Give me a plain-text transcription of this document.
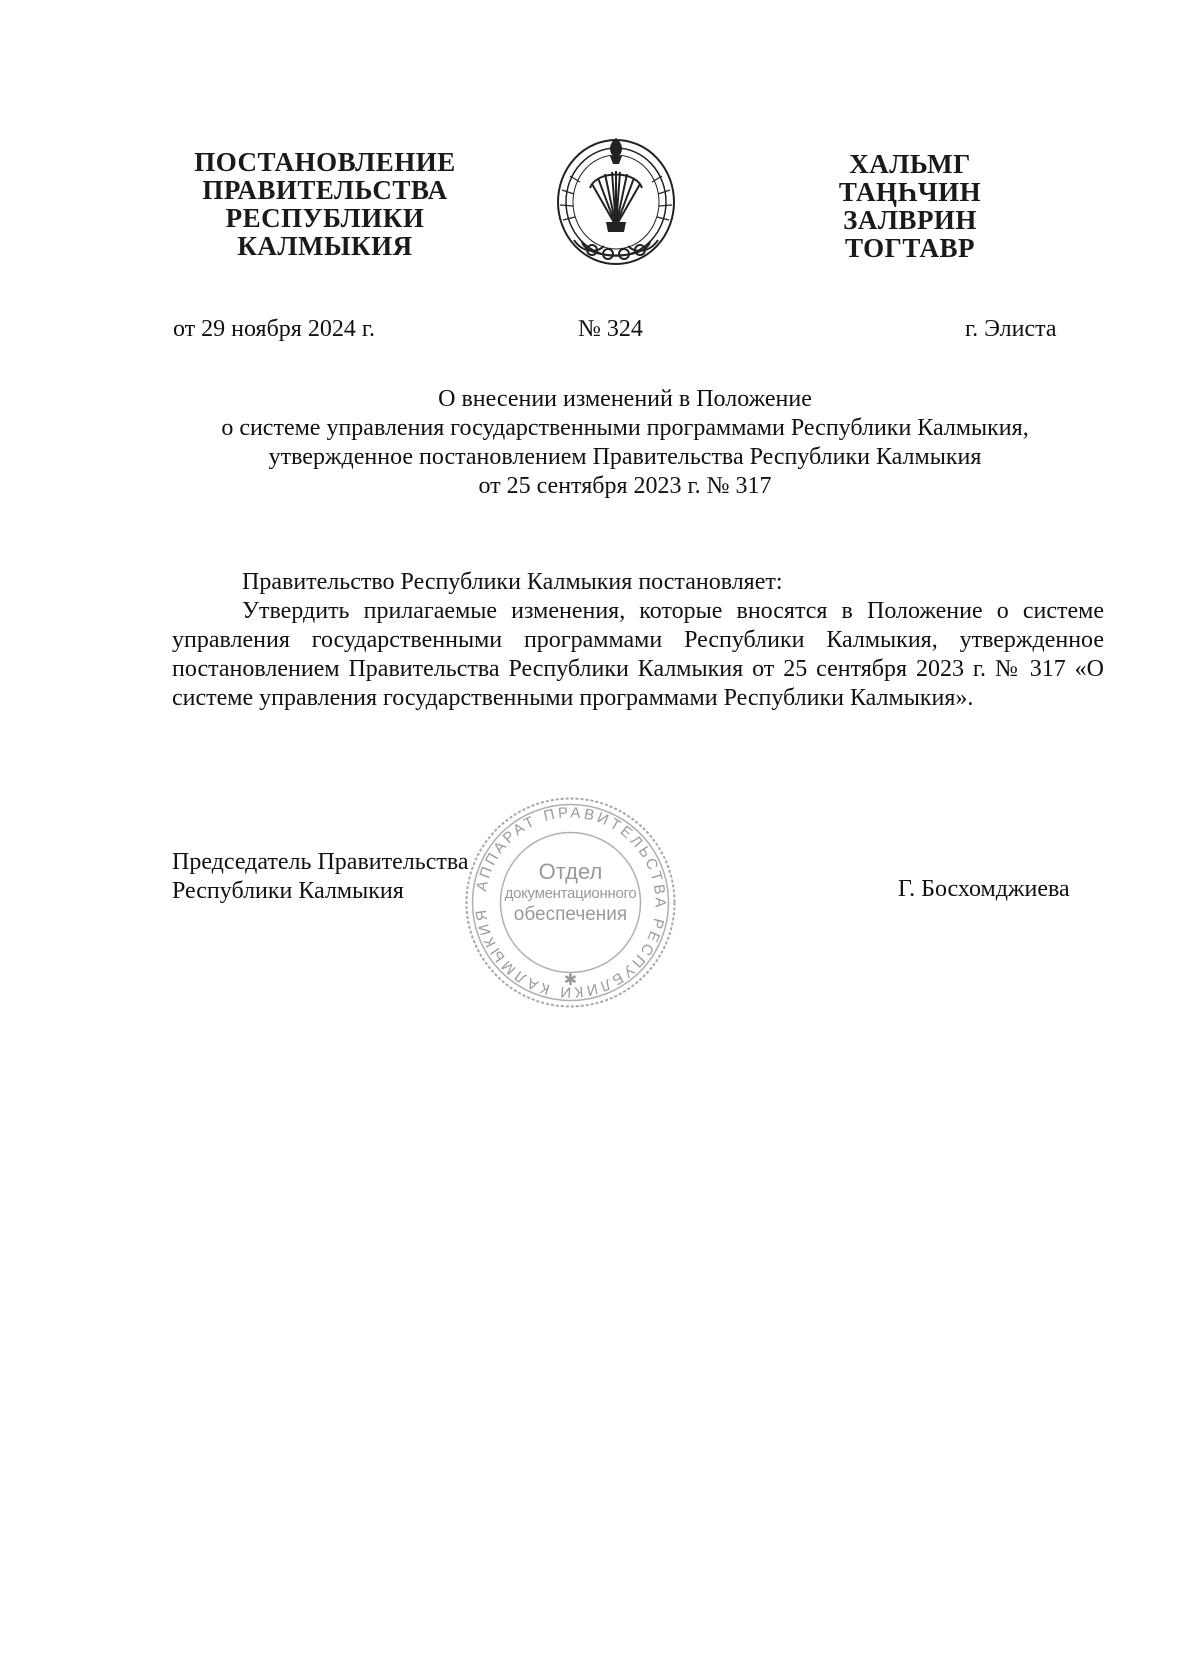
ПОСТАНОВЛЕНИЕ
ПРАВИТЕЛЬСТВА
РЕСПУБЛИКИ
КАЛМЫКИЯ
ХАЛЬМГ
ТАҢҺЧИН
ЗАЛВРИН
ТОГТАВР
от 29 ноября 2024 г.	№ 324	г. Элиста
О внесении изменений в Положение
о системе управления государственными программами Республики Калмыкия,
утвержденное постановлением Правительства Республики Калмыкия
от 25 сентября 2023 г. № 317
Правительство Республики Калмыкия постановляет:
Утвердить прилагаемые изменения, которые вносятся в Положение о системе управления государственными программами Республики Калмыкия, утвержденное постановлением Правительства Республики Калмыкия от 25 сентября 2023 г. № 317 «О системе управления государственными программами Республики Калмыкия».
Председатель Правительства
Республики Калмыкия	Г. Босхомджиева
АППАРАТ ПРАВИТЕЛЬСТВА РЕСПУБЛИКИ КАЛМЫКИЯ
✱
Отдел
документационного
обеспечения
